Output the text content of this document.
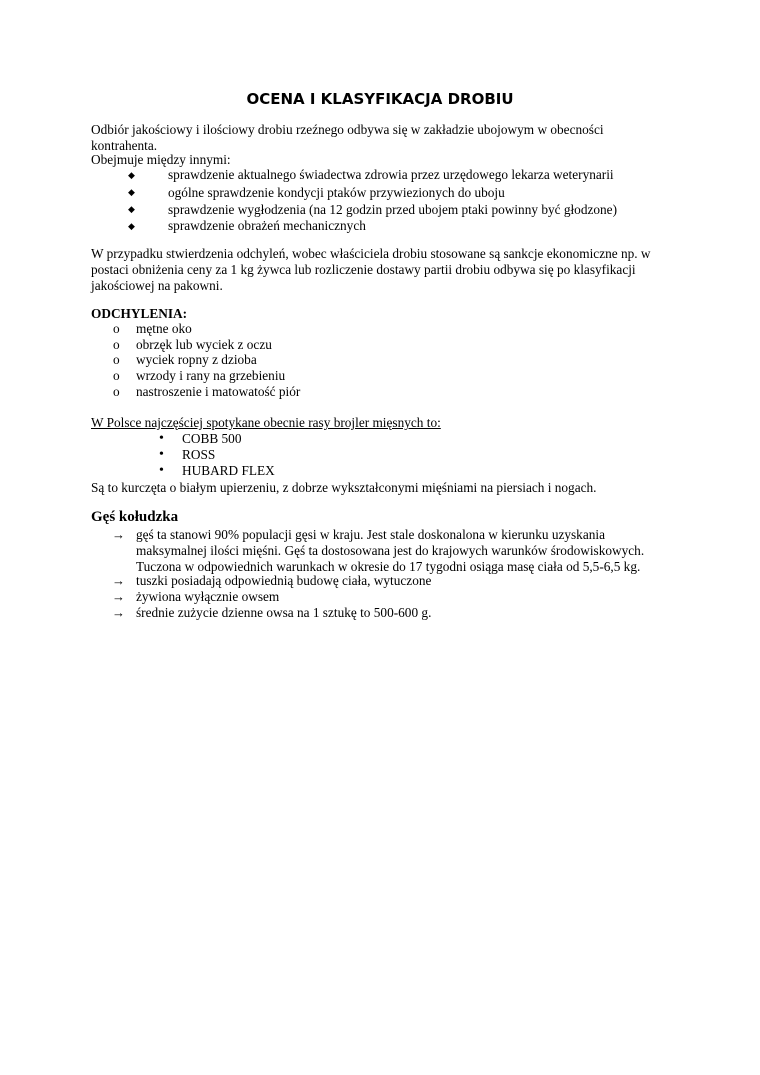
OCENA I KLASYFIKACJA DROBIU
Odbiór jakościowy i ilościowy drobiu rzeźnego odbywa się w zakładzie ubojowym w obecności kontrahenta.
Obejmuje między innymi:
◆ sprawdzenie aktualnego świadectwa zdrowia przez urzędowego lekarza weterynarii
◆ ogólne sprawdzenie kondycji ptaków przywiezionych do uboju
◆ sprawdzenie wygłodzenia (na 12 godzin przed ubojem ptaki powinny być głodzone)
◆ sprawdzenie obrażeń mechanicznych
W przypadku stwierdzenia odchyleń, wobec właściciela drobiu stosowane są sankcje ekonomiczne np. w postaci obniżenia ceny za 1 kg żywca lub rozliczenie dostawy partii drobiu odbywa się po klasyfikacji jakościowej na pakowni.
ODCHYLENIA:
o mętne oko
o obrzęk lub wyciek z oczu
o wyciek ropny z dzioba
o wrzody i rany na grzebieniu
o nastroszenie i matowatość piór
W Polsce najczęściej spotykane obecnie rasy brojler mięsnych to:
• COBB 500
• ROSS
• HUBARD FLEX
Są to kurczęta o białym upierzeniu, z dobrze wykształconymi mięśniami na piersiach i nogach.
Gęś kołudzka
→ gęś ta stanowi 90% populacji gęsi w kraju. Jest stale doskonalona w kierunku uzyskania maksymalnej ilości mięśni. Gęś ta dostosowana jest do krajowych warunków środowiskowych. Tuczona w odpowiednich warunkach w okresie do 17 tygodni osiąga masę ciała od 5,5-6,5 kg.
→ tuszki posiadają odpowiednią budowę ciała, wytuczone
→ żywiona wyłącznie owsem
→ średnie zużycie dzienne owsa na 1 sztukę to 500-600 g.
